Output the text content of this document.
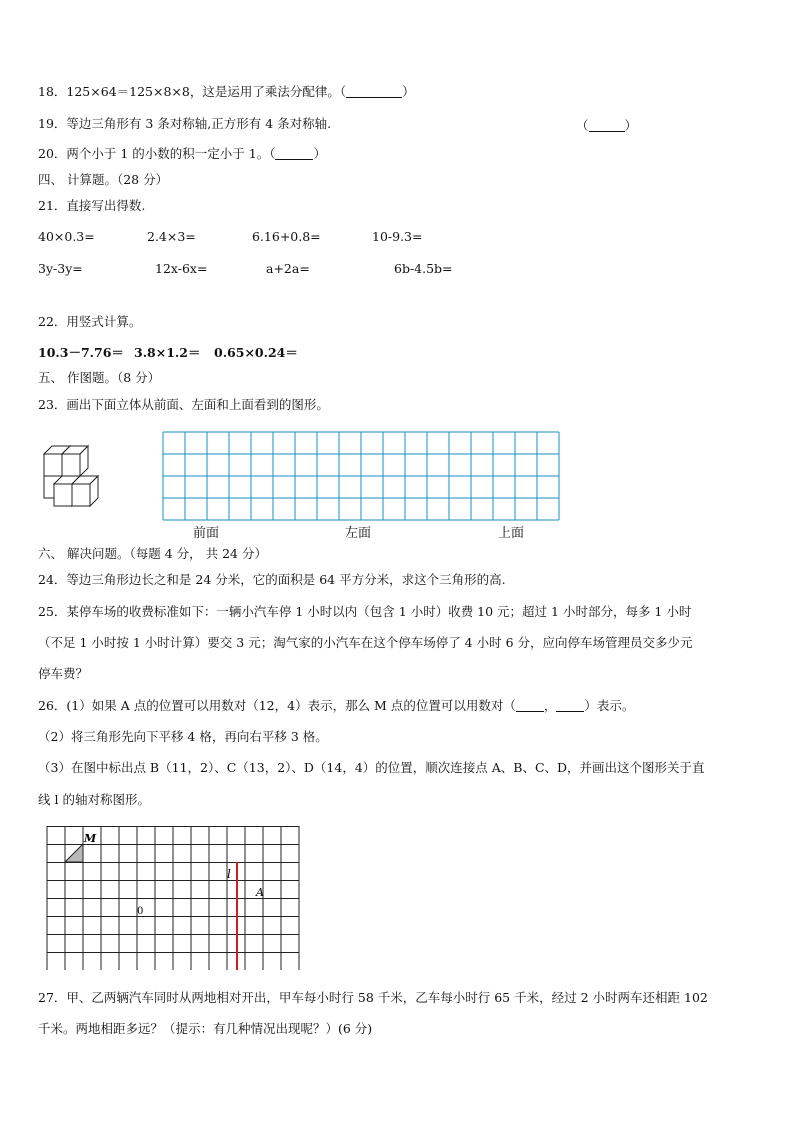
18．125×64＝125×8×8，这是运用了乘法分配律。（	）
19．等边三角形有 3 条对称轴,正方形有 4 条对称轴.	（	）
20．两个小于 1 的小数的积一定小于 1。（	）
四、 计算题。（28 分）
21．直接写出得数.
40×0.3=	2.4×3=	6.16+0.8=	10-9.3=
3y-3y=	12x-6x=	a+2a=	6b-4.5b=
22．用竖式计算。
10.3－7.76＝ 3.8×1.2＝ 0.65×0.24＝
五、 作图题。（8 分）
23．画出下面立体从前面、左面和上面看到的图形。
前面	左面	上面
六、 解决问题。（每题 4 分， 共 24 分）
24．等边三角形边长之和是 24 分米，它的面积是 64 平方分米，求这个三角形的高.
25．某停车场的收费标准如下：一辆小汽车停 1 小时以内（包含 1 小时）收费 10 元；超过 1 小时部分，每多 1 小时
（不足 1 小时按 1 小时计算）要交 3 元；淘气家的小汽车在这个停车场停了 4 小时 6 分，应向停车场管理员交多少元
停车费？
26．(1）如果 A 点的位置可以用数对（12，4）表示，那么 M 点的位置可以用数对（ ， ）表示。
（2）将三角形先向下平移 4 格，再向右平移 3 格。
（3）在图中标出点 B（11，2）、C（13，2）、D（14，4）的位置，顺次连接点 A、B、C、D，并画出这个图形关于直
线 l 的轴对称图形。
M
l
A
0
27．甲、乙两辆汽车同时从两地相对开出，甲车每小时行 58 千米，乙车每小时行 65 千米，经过 2 小时两车还相距 102
千米。两地相距多远？（提示：有几种情况出现呢？）(6 分)
